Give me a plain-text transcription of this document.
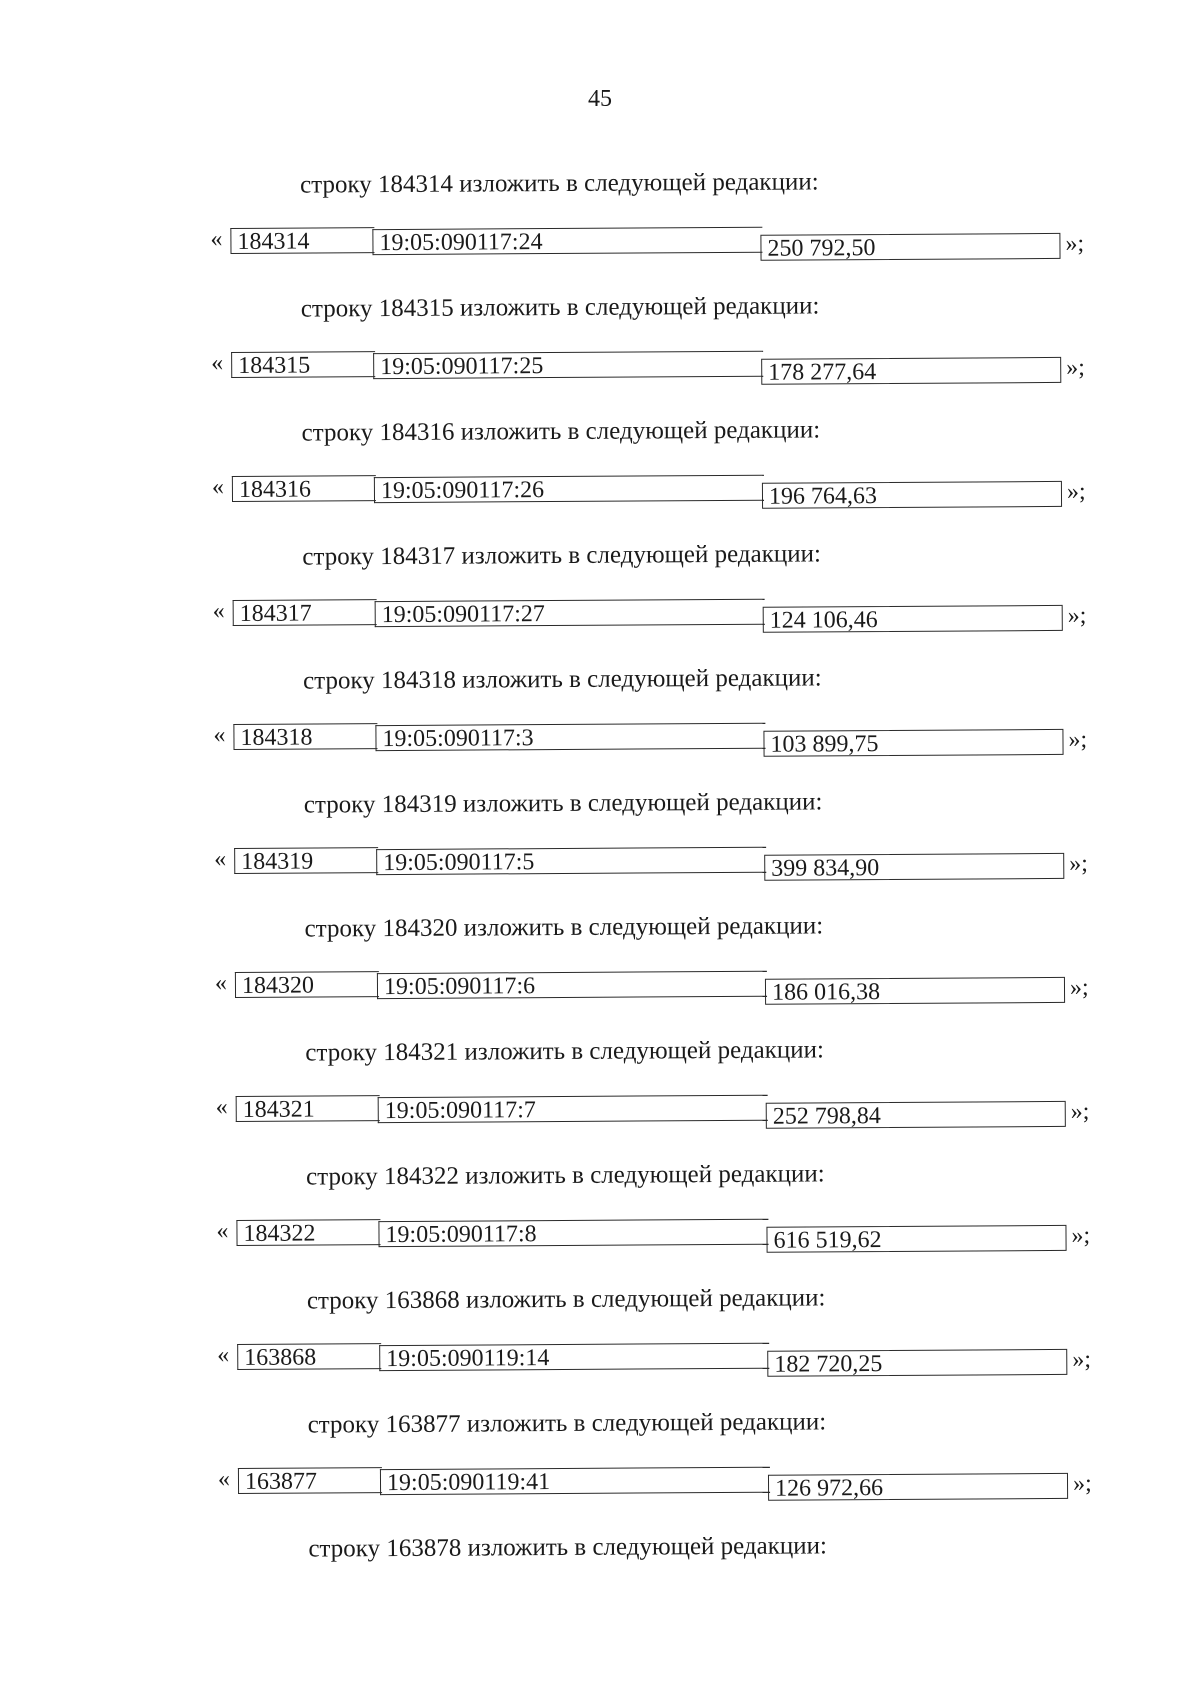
45
строку 184314 изложить в следующей редакции:
« 184314	19:05:090117:24	250 792,50	»;
строку 184315 изложить в следующей редакции:
« 184315	19:05:090117:25	178 277,64	»;
строку 184316 изложить в следующей редакции:
« 184316	19:05:090117:26	196 764,63	»;
строку 184317 изложить в следующей редакции:
« 184317	19:05:090117:27	124 106,46	»;
строку 184318 изложить в следующей редакции:
« 184318	19:05:090117:3	103 899,75	»;
строку 184319 изложить в следующей редакции:
« 184319	19:05:090117:5	399 834,90	»;
строку 184320 изложить в следующей редакции:
« 184320	19:05:090117:6	186 016,38	»;
строку 184321 изложить в следующей редакции:
« 184321	19:05:090117:7	252 798,84	»;
строку 184322 изложить в следующей редакции:
« 184322	19:05:090117:8	616 519,62	»;
строку 163868 изложить в следующей редакции:
« 163868	19:05:090119:14	182 720,25	»;
строку 163877 изложить в следующей редакции:
« 163877	19:05:090119:41	126 972,66	»;
строку 163878 изложить в следующей редакции:
